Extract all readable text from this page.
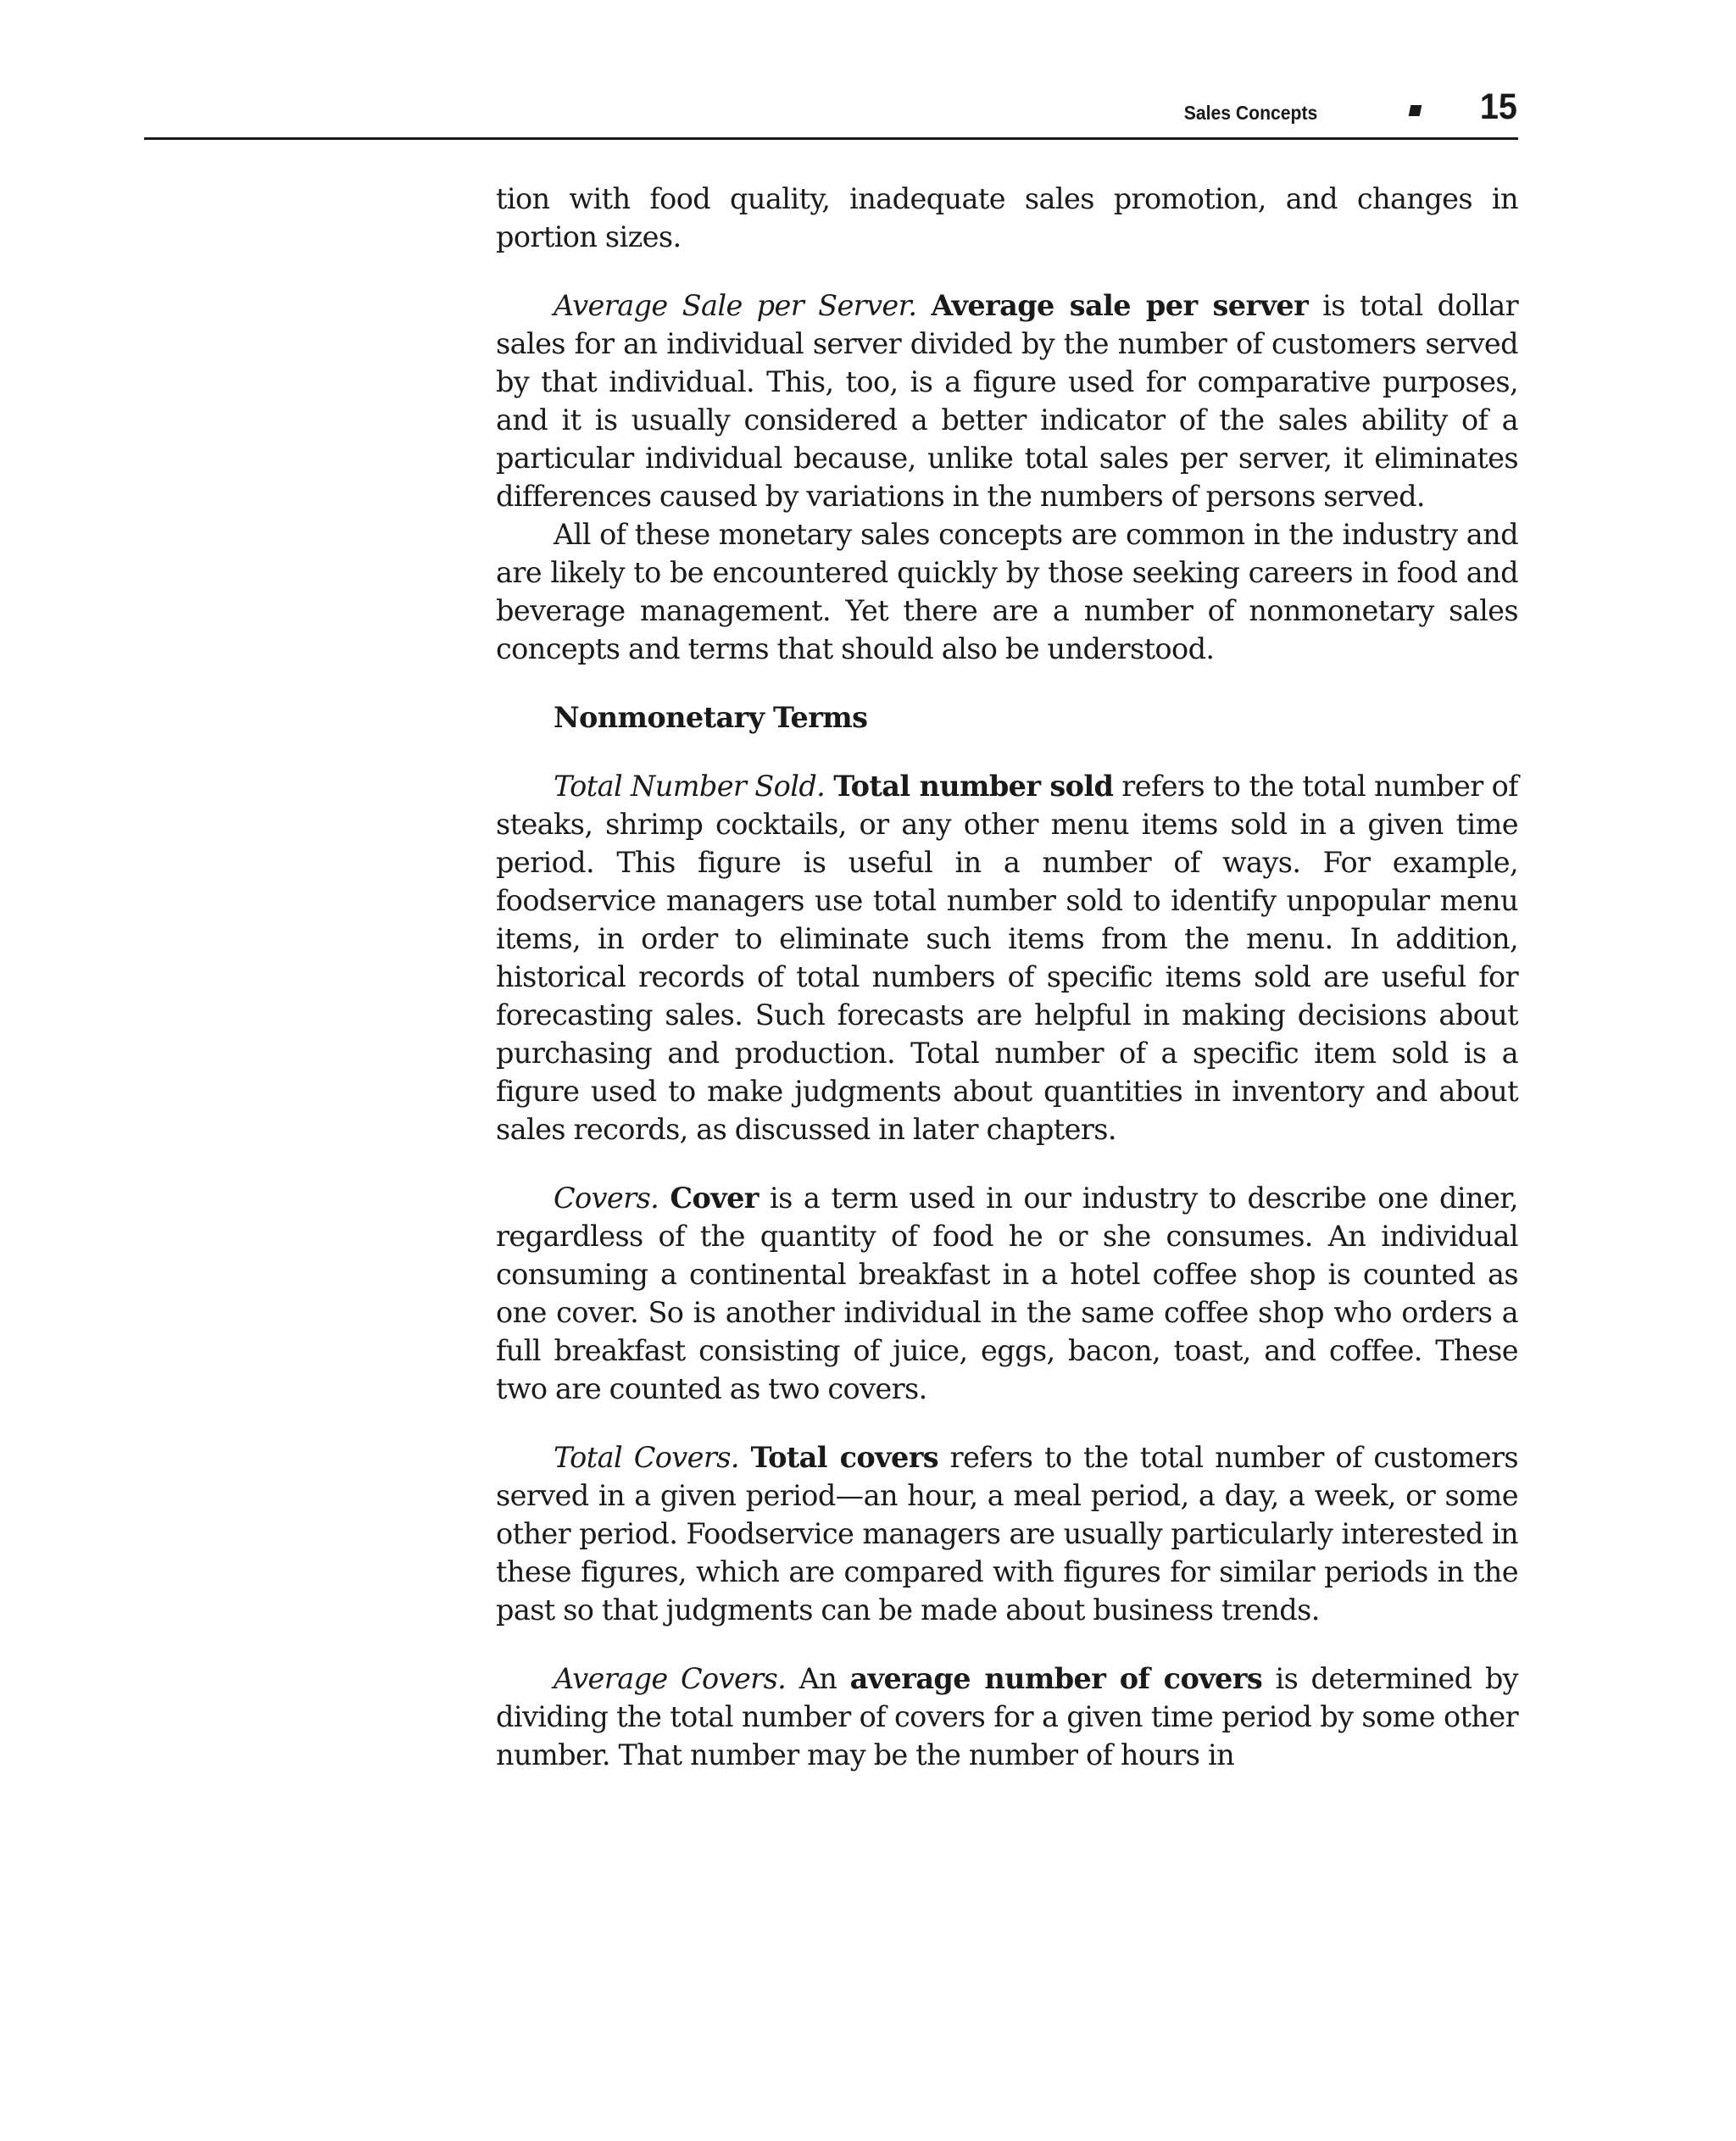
Sales Concepts	15

tion with food quality, inadequate sales promotion, and changes in portion sizes.

Average Sale per Server. Average sale per server is total dollar sales for an individual server divided by the number of customers served by that individual. This, too, is a figure used for comparative purposes, and it is usually considered a better indicator of the sales ability of a particular individual because, unlike total sales per server, it eliminates differences caused by variations in the numbers of persons served.

All of these monetary sales concepts are common in the industry and are likely to be encountered quickly by those seeking careers in food and beverage management. Yet there are a number of nonmonetary sales concepts and terms that should also be understood.

Nonmonetary Terms

Total Number Sold. Total number sold refers to the total number of steaks, shrimp cocktails, or any other menu items sold in a given time period. This figure is useful in a number of ways. For example, foodservice managers use total number sold to identify unpopular menu items, in order to eliminate such items from the menu. In addition, historical records of total numbers of specific items sold are useful for forecasting sales. Such forecasts are helpful in making decisions about purchasing and production. Total number of a specific item sold is a figure used to make judgments about quantities in inventory and about sales records, as discussed in later chapters.

Covers. Cover is a term used in our industry to describe one diner, regardless of the quantity of food he or she consumes. An individual consuming a continental breakfast in a hotel coffee shop is counted as one cover. So is another individual in the same coffee shop who orders a full breakfast consisting of juice, eggs, bacon, toast, and coffee. These two are counted as two covers.

Total Covers. Total covers refers to the total number of customers served in a given period—an hour, a meal period, a day, a week, or some other period. Foodservice managers are usually particularly interested in these figures, which are compared with figures for similar periods in the past so that judgments can be made about business trends.

Average Covers. An average number of covers is determined by dividing the total number of covers for a given time period by some other number. That number may be the number of hours in
